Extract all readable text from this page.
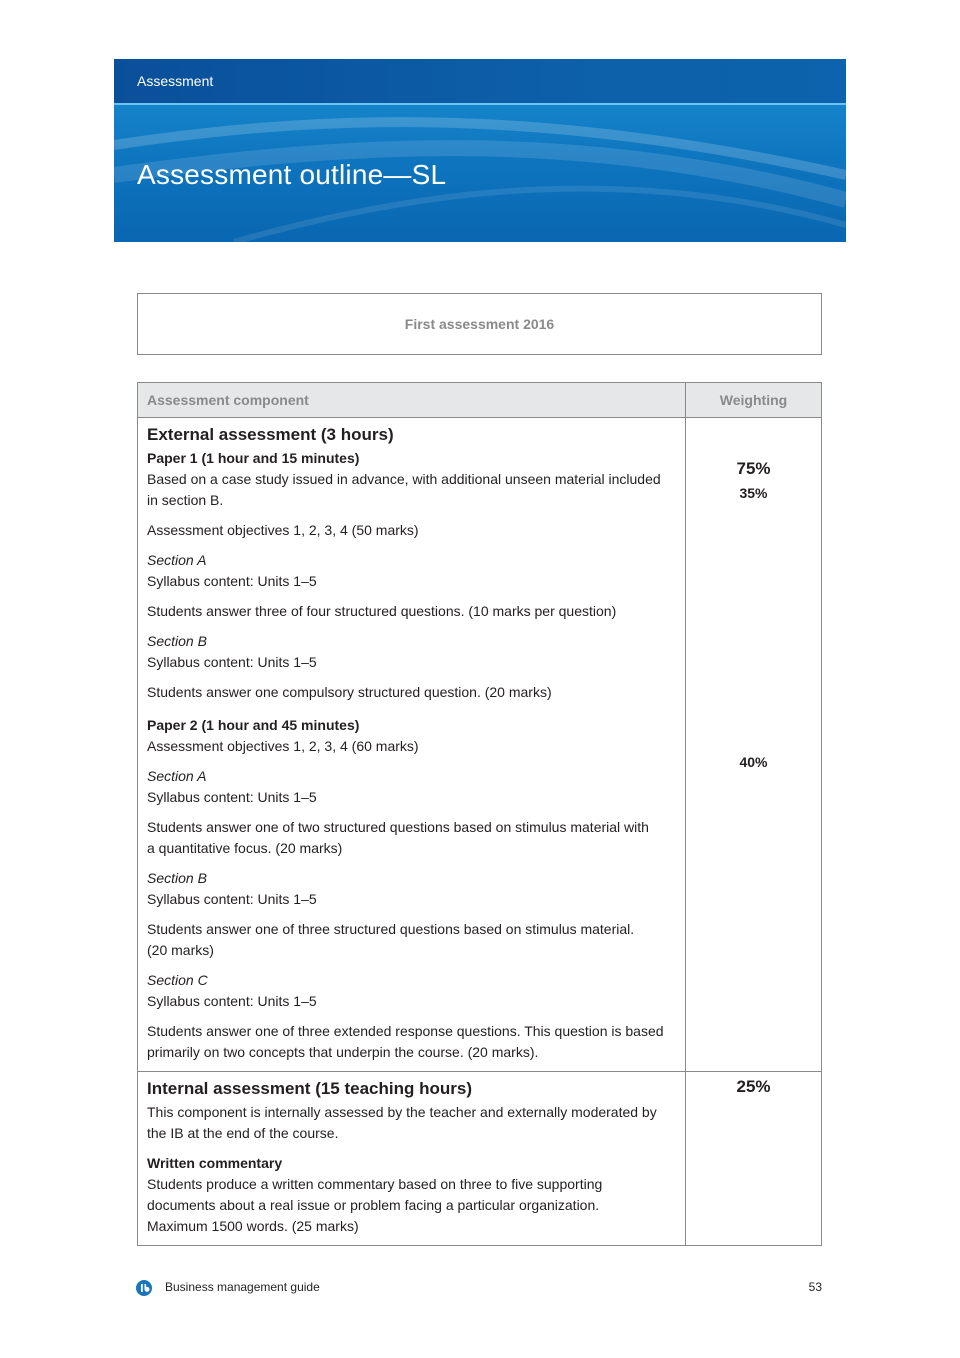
Assessment
Assessment outline—SL
First assessment 2016
Assessment component	Weighting

External assessment (3 hours)

Paper 1 (1 hour and 15 minutes)

Based on a case study issued in advance, with additional unseen material included

in section B.

Assessment objectives 1, 2, 3, 4 (50 marks)

Section A

Syllabus content: Units 1–5

Students answer three of four structured questions. (10 marks per question)

Section B

Syllabus content: Units 1–5

Students answer one compulsory structured question. (20 marks)

Paper 2 (1 hour and 45 minutes)

Assessment objectives 1, 2, 3, 4 (60 marks)

Section A

Syllabus content: Units 1–5

Students answer one of two structured questions based on stimulus material with

a quantitative focus. (20 marks)

Section B

Syllabus content: Units 1–5

Students answer one of three structured questions based on stimulus material.

(20 marks)

Section C

Syllabus content: Units 1–5

Students answer one of three extended response questions. This question is based

primarily on two concepts that underpin the course. (20 marks).

75%
35%
40%

Internal assessment (15 teaching hours)

This component is internally assessed by the teacher and externally moderated by

the IB at the end of the course.

Written commentary

Students produce a written commentary based on three to five supporting

documents about a real issue or problem facing a particular organization.

Maximum 1500 words. (25 marks)

25%
Business management guide	53
